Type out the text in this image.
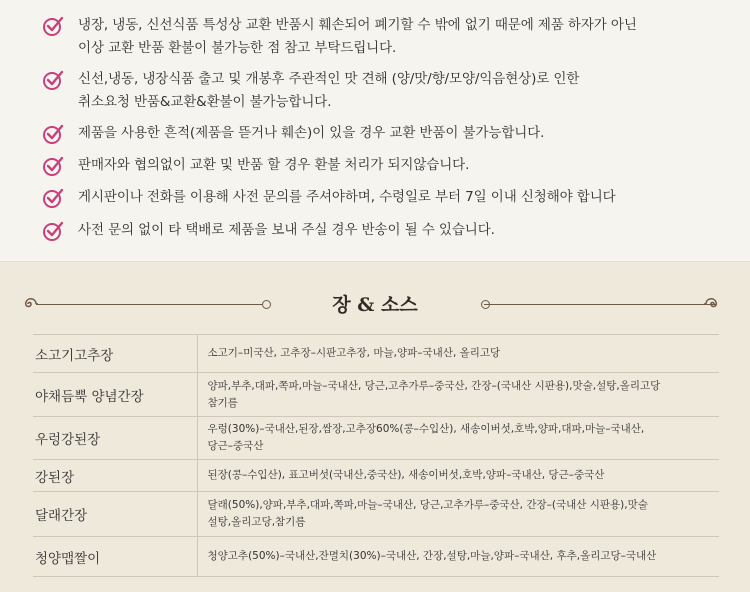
냉장, 냉동, 신선식품 특성상 교환 반품시 훼손되어 폐기할 수 밖에 없기 때문에 제품 하자가 아닌
이상 교환 반품 환불이 불가능한 점 참고 부탁드립니다.
신선,냉동, 냉장식품 출고 및 개봉후 주관적인 맛 견해 (양/맛/향/모양/익음현상)로 인한
취소요청 반품&교환&환불이 불가능합니다.
제품을 사용한 흔적(제품을 뜯거나 훼손)이 있을 경우 교환 반품이 불가능합니다.
판매자와 협의없이 교환 및 반품 할 경우 환불 처리가 되지않습니다.
게시판이나 전화를 이용해 사전 문의를 주셔야하며, 수령일로 부터 7일 이내 신청해야 합니다
사전 문의 없이 타 택배로 제품을 보내 주실 경우 반송이 될 수 있습니다.
장 & 소스
소고기고추장	소고기–미국산, 고추장–시판고추장, 마늘,양파–국내산, 올리고당

야채듬뿍 양념간장	양파,부추,대파,쪽파,마늘–국내산, 당근,고추가루–중국산, 간장–(국내산 시판용),맛술,설탕,올리고당
참기름

우렁강된장	우렁(30%)–국내산,된장,쌈장,고추장60%(콩–수입산), 새송이버섯,호박,양파,대파,마늘–국내산,
당근–중국산

강된장	된장(콩–수입산), 표고버섯(국내산,중국산), 새송이버섯,호박,양파–국내산, 당근–중국산

달래간장	달래(50%),양파,부추,대파,쪽파,마늘–국내산, 당근,고추가루–중국산, 간장–(국내산 시판용),맛술
설탕,올리고당,참기름

청양맵짤이	청양고추(50%)–국내산,잔멸치(30%)–국내산, 간장,설탕,마늘,양파–국내산, 후추,올리고당–국내산
